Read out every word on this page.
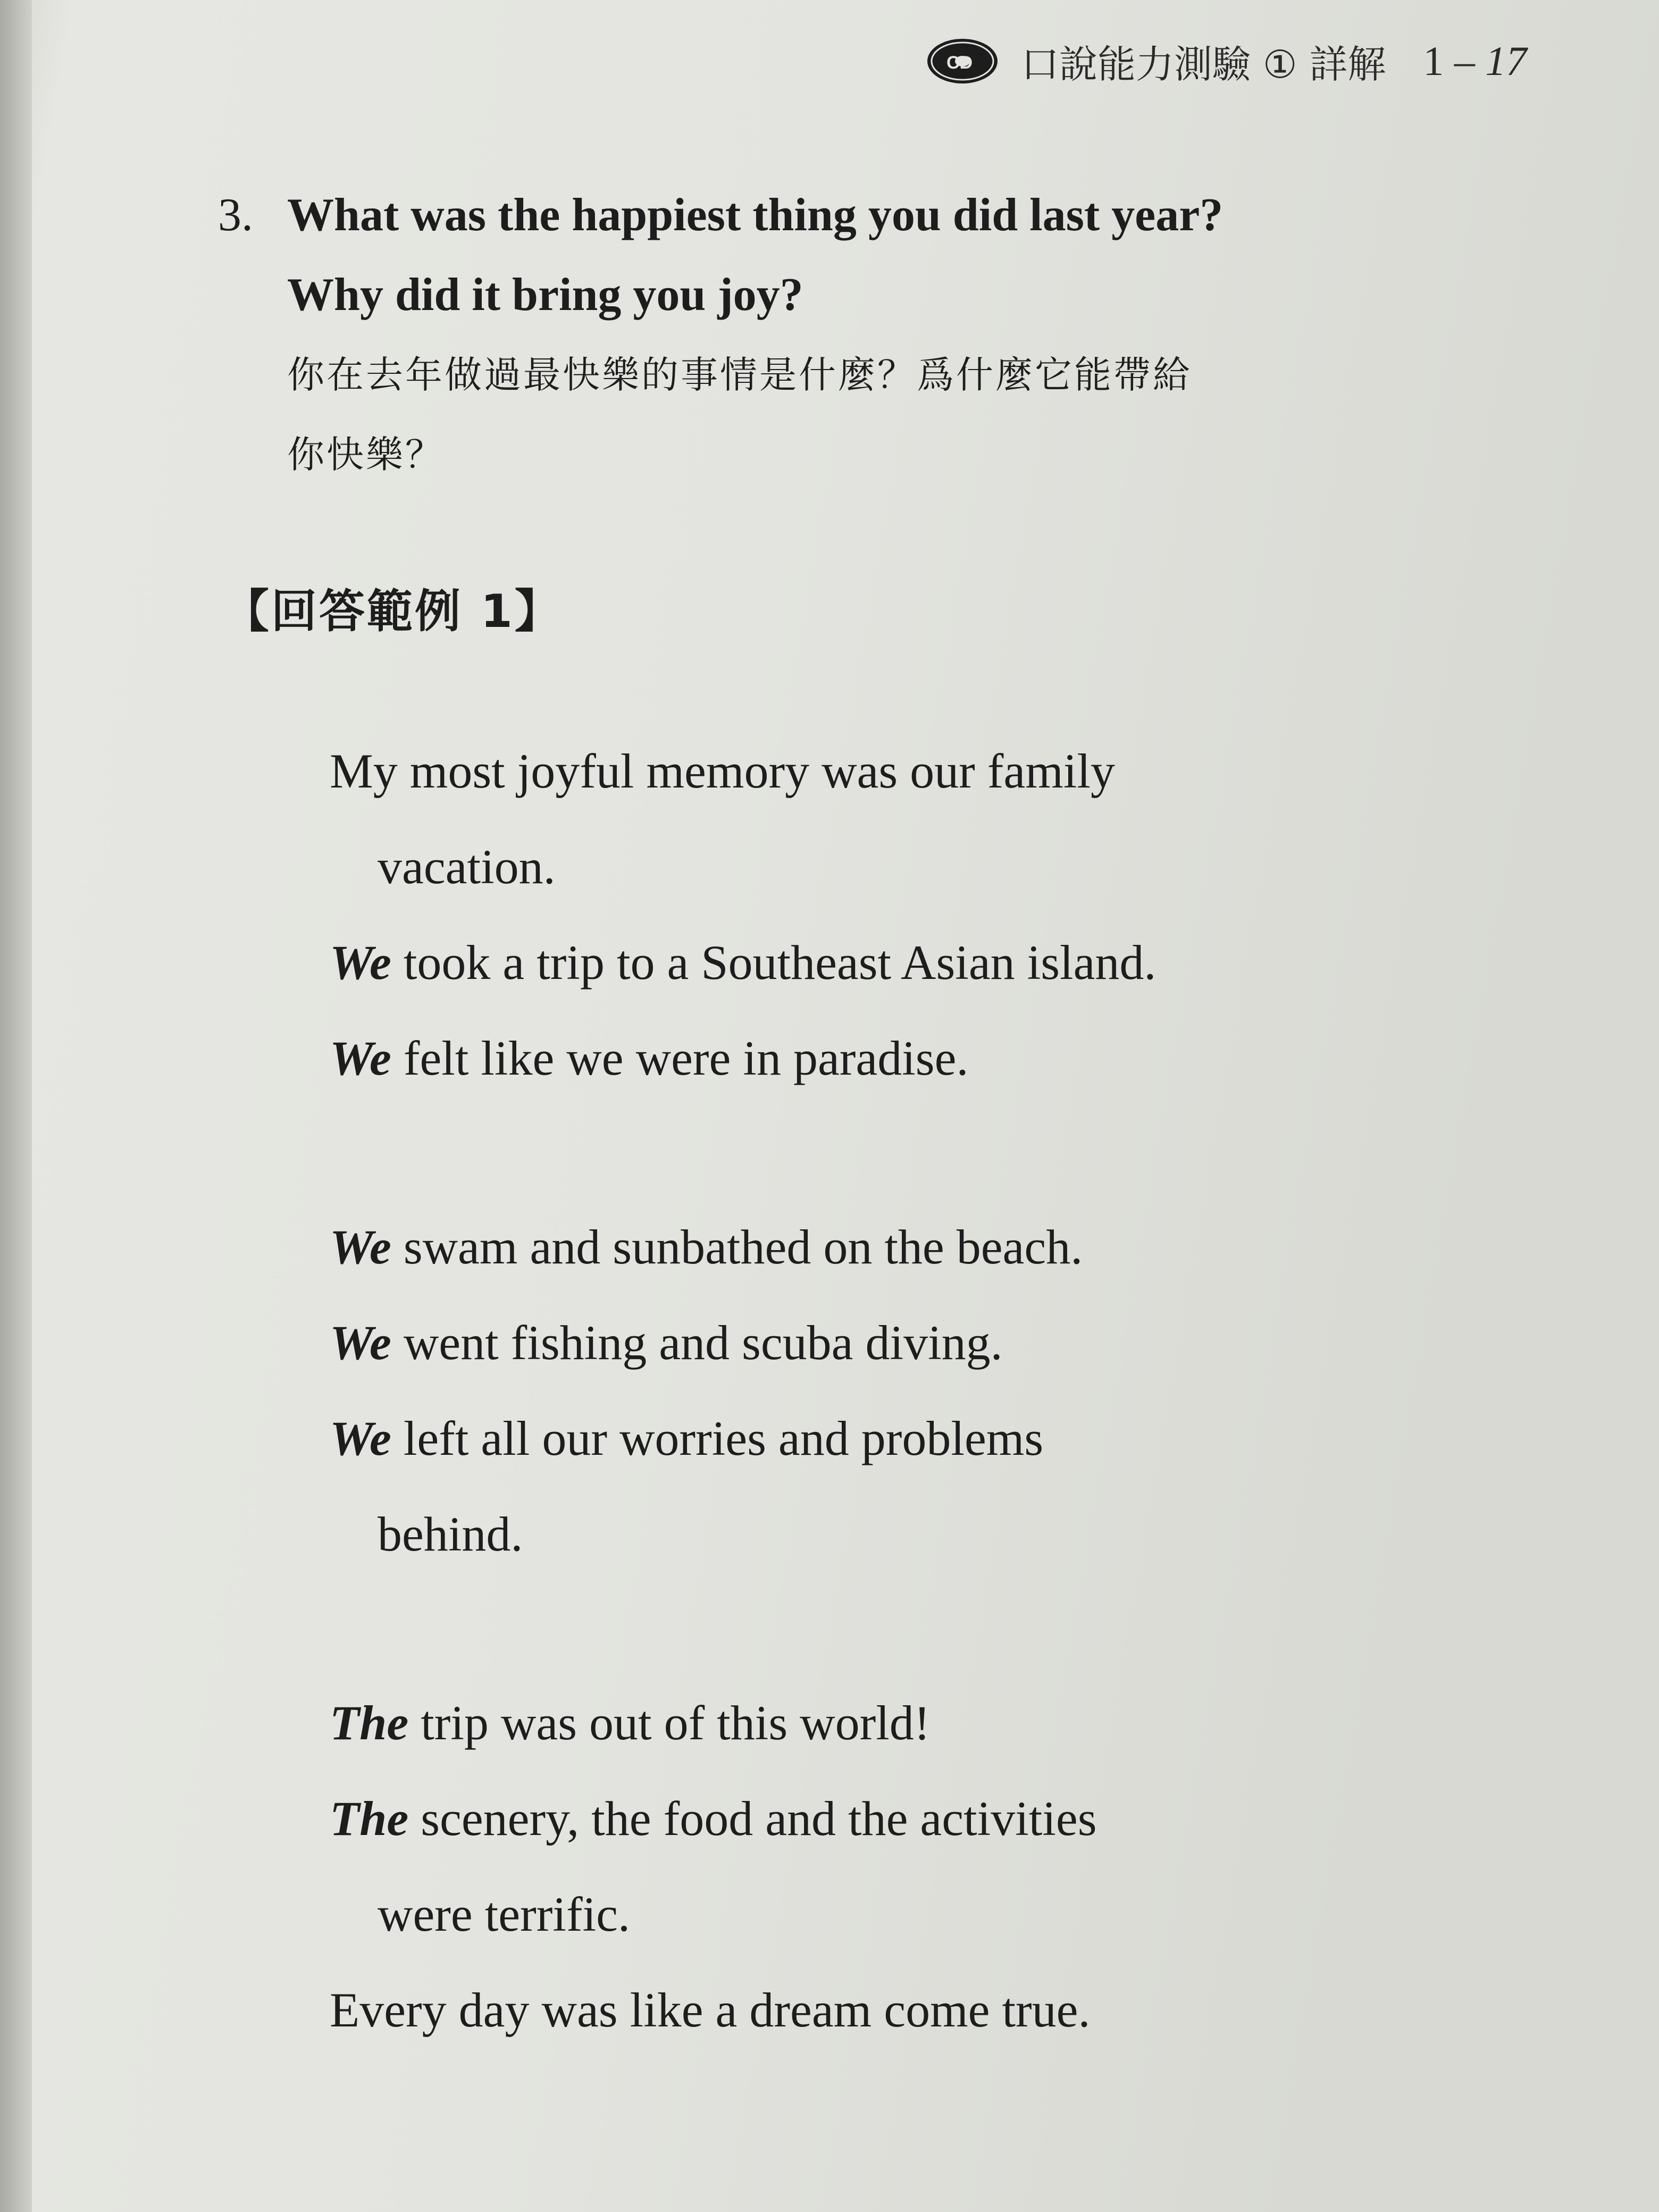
CD 口說能力測驗 ① 詳解 1 – 17
3. What was the happiest thing you did last year?
Why did it bring you joy?
你在去年做過最快樂的事情是什麼？爲什麼它能帶給
你快樂？
【回答範例 1】
My most joyful memory was our family
vacation.
We took a trip to a Southeast Asian island.
We felt like we were in paradise.
We swam and sunbathed on the beach.
We went fishing and scuba diving.
We left all our worries and problems
behind.
The trip was out of this world!
The scenery, the food and the activities
were terrific.
Every day was like a dream come true.
